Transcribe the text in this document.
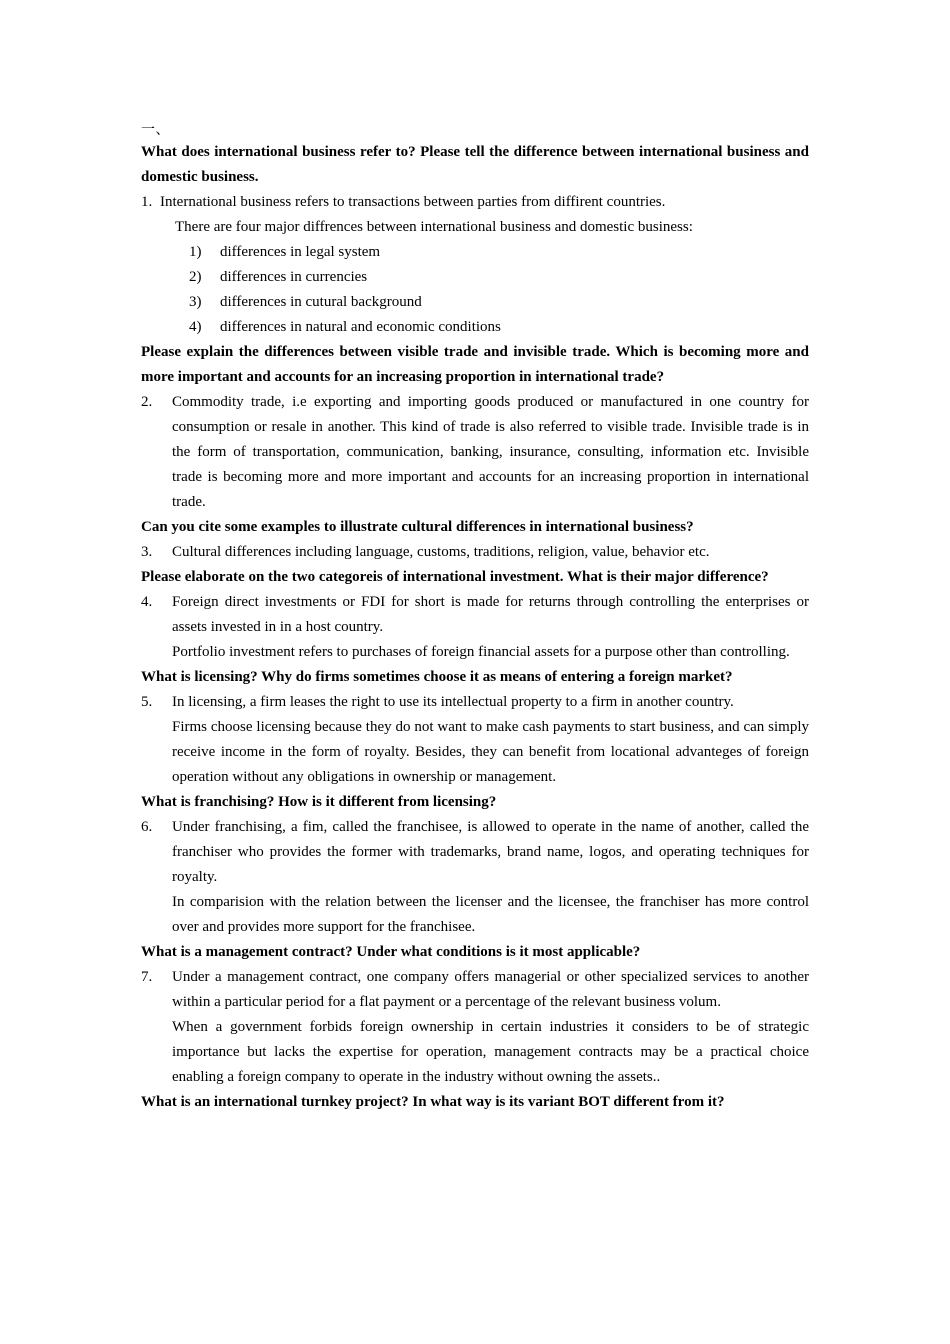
一、
What does international business refer to? Please tell the difference between international business and domestic business.
1. International business refers to transactions between parties from diffirent countries.

There are four major diffrences between international business and domestic business:
1)	differences in legal system
2)	differences in currencies
3)	differences in cutural background
4)	differences in natural and economic conditions
Please explain the differences between visible trade and invisible trade. Which is becoming more and more important and accounts for an increasing proportion in international trade?
2.	Commodity trade, i.e exporting and importing goods produced or manufactured in one country for consumption or resale in another. This kind of trade is also referred to visible trade. Invisible trade is in the form of transportation, communication, banking, insurance, consulting, information etc. Invisible trade is becoming more and more important and accounts for an increasing proportion in international trade.

Can you cite some examples to illustrate cultural differences in international business?
3.	Cultural differences including language, customs, traditions, religion, value, behavior etc.

Please elaborate on the two categoreis of international investment. What is their major difference?
4.	Foreign direct investments or FDI for short is made for returns through controlling the enterprises or assets invested in in a host country.

Portfolio investment refers to purchases of foreign financial assets for a purpose other than controlling.

What is licensing? Why do firms sometimes choose it as means of entering a foreign market?
5.	In licensing, a firm leases the right to use its intellectual property to a firm in another country.

Firms choose licensing because they do not want to make cash payments to start business, and can simply receive income in the form of royalty. Besides, they can benefit from locational advanteges of foreign operation without any obligations in ownership or management.

What is franchising? How is it different from licensing?
6.	Under franchising, a fim, called the franchisee, is allowed to operate in the name of another, called the franchiser who provides the former with trademarks, brand name, logos, and operating techniques for royalty.

In comparision with the relation between the licenser and the licensee, the franchiser has more control over and provides more support for the franchisee.

What is a management contract? Under what conditions is it most applicable?
7.	Under a management contract, one company offers managerial or other specialized services to another within a particular period for a flat payment or a percentage of the relevant business volum.

When a government forbids foreign ownership in certain industries it considers to be of strategic importance but lacks the expertise for operation, management contracts may be a practical choice enabling a foreign company to operate in the industry without owning the assets..

What is an international turnkey project? In what way is its variant BOT different from it?
